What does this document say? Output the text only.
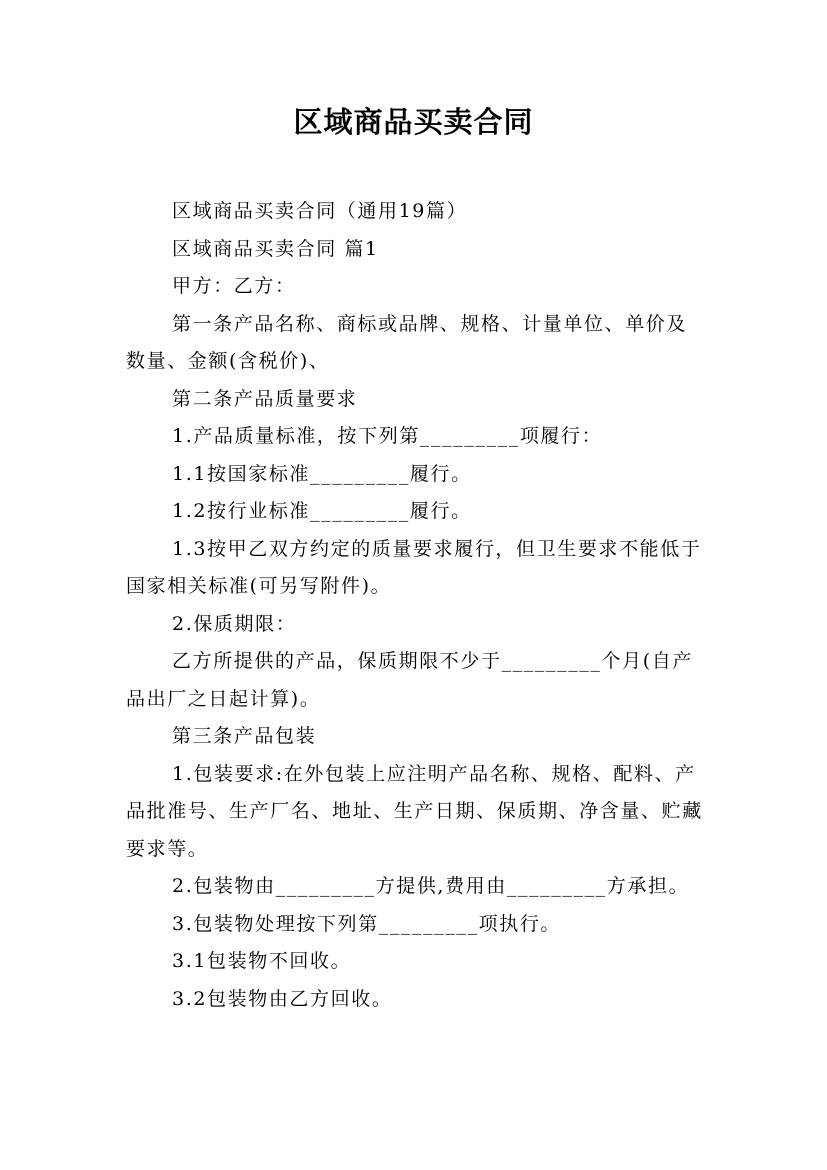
区域商品买卖合同

区域商品买卖合同（通用19篇）

区域商品买卖合同 篇1

甲方：乙方：

第一条产品名称、商标或品牌、规格、计量单位、单价及数量、金额(含税价)、

第二条产品质量要求

1.产品质量标准，按下列第_________项履行：

1.1按国家标准_________履行。

1.2按行业标准_________履行。

1.3按甲乙双方约定的质量要求履行，但卫生要求不能低于国家相关标准(可另写附件)。

2.保质期限：

乙方所提供的产品，保质期限不少于_________个月(自产品出厂之日起计算)。

第三条产品包装

1.包装要求:在外包装上应注明产品名称、规格、配料、产品批准号、生产厂名、地址、生产日期、保质期、净含量、贮藏要求等。

2.包装物由_________方提供,费用由_________方承担。

3.包装物处理按下列第_________项执行。

3.1包装物不回收。

3.2包装物由乙方回收。
